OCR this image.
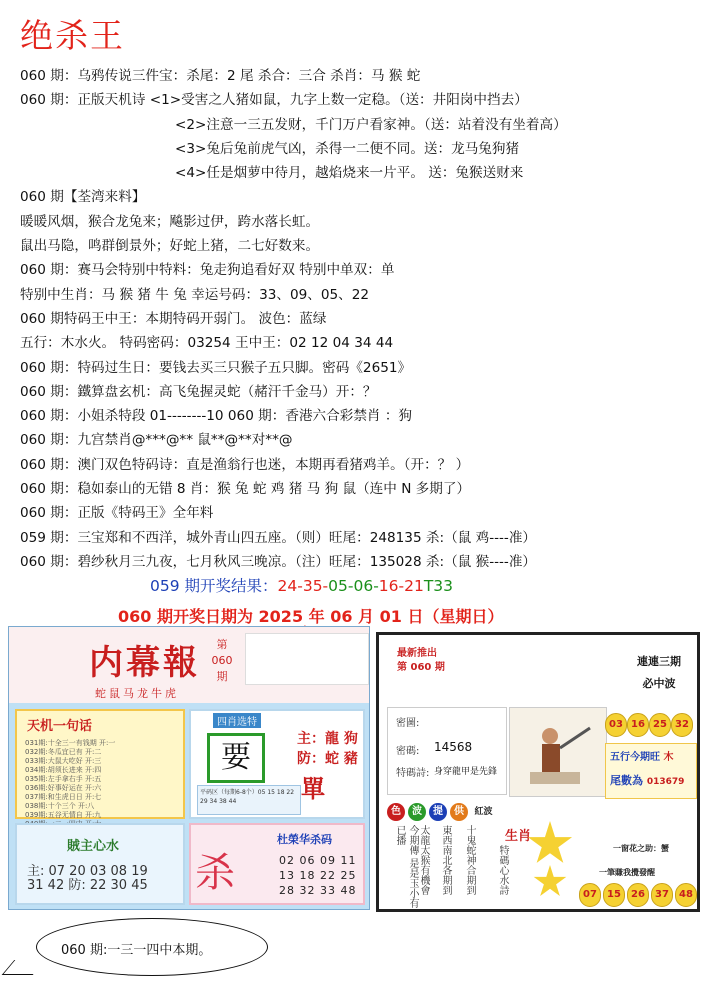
绝杀王
060 期：乌鸦传说三件宝：杀尾：2 尾 杀合：三合 杀肖：马 猴 蛇
060 期：正版天机诗 <1>受害之人猪如鼠，九字上数一定稳。（送：井阳岗中挡去）
<2>注意一三五发财，千门万户看家神。（送：站着没有坐着高）
<3>兔后兔前虎气凶，杀得一二便不同。送：龙马兔狗猪
<4>任是烟萝中待月，越焰烧来一片平。 送：兔猴送财来
060 期【荃湾来料】
暖暖风烟，猴合龙兔来；飚影过伊，跨水落长虹。
鼠出马隐，鸣群倒景外；好蛇上猪，二七好数来。
060 期：赛马会特别中特料：兔走狗追看好双 特别中单双：单
特别中生肖：马 猴 猪 牛 兔 幸运号码：33、09、05、22
060 期特码王中王：本期特码开弱门。 波色：蓝绿
五行：木水火。 特码密码：03254 王中王：02 12 04 34 44
060 期：特码过生日：要钱去买三只猴子五只脚。密码《2651》
060 期：鐵算盘玄机：高飞兔握灵蛇（赭汗千金马）开：？
060 期：小姐杀特段 01--------10 060 期：香港六合彩禁肖 ：狗
060 期：九宫禁肖@***@** 鼠**@**对**@
060 期：澳门双色特码诗：直是渔翁行也迷，本期再看猪鸡羊。（开：？ ）
060 期：稳如泰山的无错 8 肖：猴 兔 蛇 鸡 猪 马 狗 鼠（连中 N 多期了）
060 期：正版《特码王》全年料
059 期：三宝郑和不西洋，城外青山四五座。（则）旺尾：248135 杀:（鼠 鸡----准）
060 期：碧纱秋月三九夜，七月秋风三晚凉。（注）旺尾：135028 杀:（鼠 猴----准）
059 期开奖结果：24-35-05-06-16-21T33
060 期开奖日期为 2025 年 06 月 01 日（星期日）
内幕報	第 060 期
蛇鼠马龙牛虎
天机一句话
031期:十全三一有钱期 开:一
032期:冬瓜宜已有 开:二
033期:大鼠大吃好 开:三
034期:胡须长进来 开:四
035期:左手拿右手 开:五
036期:好事好运在 开:六
037期:和生虎日日 开:七
038期:十个三个 开:八
039期:五谷无情自 开:九
四肖选特
要
主：龍 狗
防：蛇 豬
單
平码区（每期6-8个）05 15 18 22 29 34 38 44
賊主心水
主: 07 20 03 08 19
31 42 防: 22 30 45 杀
杜榮华杀码
02 06 09 11
13 18 22 25
28 32 33 48
最新推出
第 060 期	連連三期
必中波
密圖:
密碼: 14568
特碼詩: 身穿龍甲是先鋒
03 16 25 32
五行今期旺 木
尾數為 013679
色 波 提 供 紅波
今期傳 是是玉小有已播	太龍太猴有機會 東西南北各期到 十鬼蛇神合期到 生肖
特碼心水詩	一窗花之助：蟹
一筆賺我攪發醒
07	15	26	37	48
060 期:一三一四中本期。
